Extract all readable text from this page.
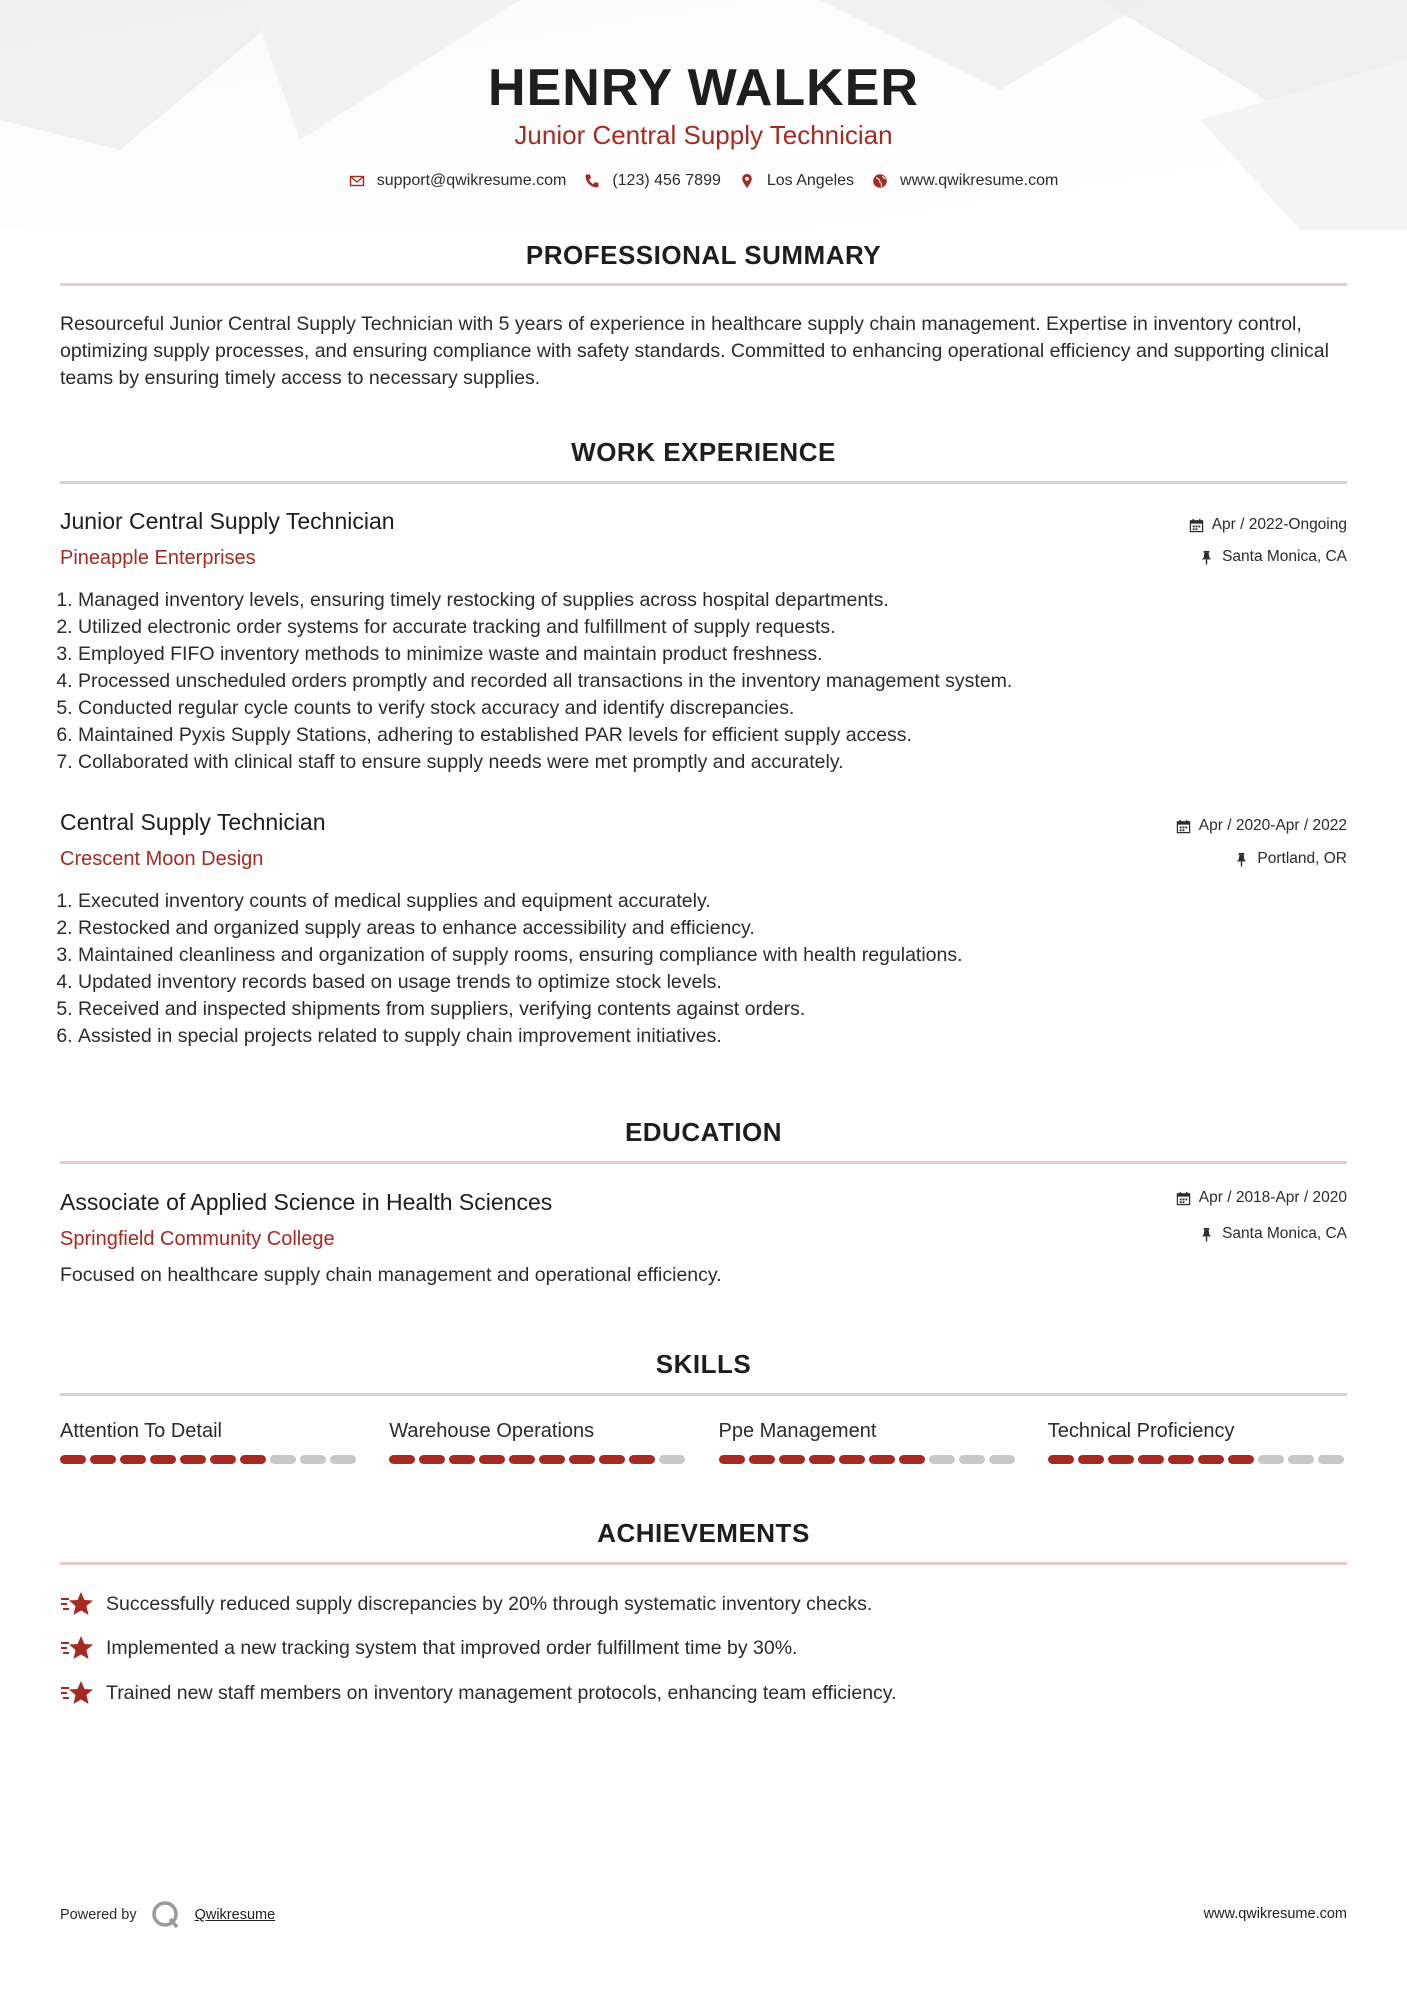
HENRY WALKER
Junior Central Supply Technician
support@qwikresume.com	(123) 456 7899	Los Angeles	www.qwikresume.com
PROFESSIONAL SUMMARY
Resourceful Junior Central Supply Technician with 5 years of experience in healthcare supply chain management. Expertise in inventory control, optimizing supply processes, and ensuring compliance with safety standards. Committed to enhancing operational efficiency and supporting clinical teams by ensuring timely access to necessary supplies.
WORK EXPERIENCE
Junior Central Supply Technician
Pineapple Enterprises
Apr / 2022-Ongoing
Santa Monica, CA
1. Managed inventory levels, ensuring timely restocking of supplies across hospital departments.
2. Utilized electronic order systems for accurate tracking and fulfillment of supply requests.
3. Employed FIFO inventory methods to minimize waste and maintain product freshness.
4. Processed unscheduled orders promptly and recorded all transactions in the inventory management system.
5. Conducted regular cycle counts to verify stock accuracy and identify discrepancies.
6. Maintained Pyxis Supply Stations, adhering to established PAR levels for efficient supply access.
7. Collaborated with clinical staff to ensure supply needs were met promptly and accurately.
Central Supply Technician
Crescent Moon Design
Apr / 2020-Apr / 2022
Portland, OR
1. Executed inventory counts of medical supplies and equipment accurately.
2. Restocked and organized supply areas to enhance accessibility and efficiency.
3. Maintained cleanliness and organization of supply rooms, ensuring compliance with health regulations.
4. Updated inventory records based on usage trends to optimize stock levels.
5. Received and inspected shipments from suppliers, verifying contents against orders.
6. Assisted in special projects related to supply chain improvement initiatives.
EDUCATION
Associate of Applied Science in Health Sciences
Springfield Community College
Apr / 2018-Apr / 2020
Santa Monica, CA
Focused on healthcare supply chain management and operational efficiency.
SKILLS
Attention To Detail	Warehouse Operations	Ppe Management	Technical Proficiency
ACHIEVEMENTS
Successfully reduced supply discrepancies by 20% through systematic inventory checks.
Implemented a new tracking system that improved order fulfillment time by 30%.
Trained new staff members on inventory management protocols, enhancing team efficiency.
Powered by	Qwikresume	www.qwikresume.com
